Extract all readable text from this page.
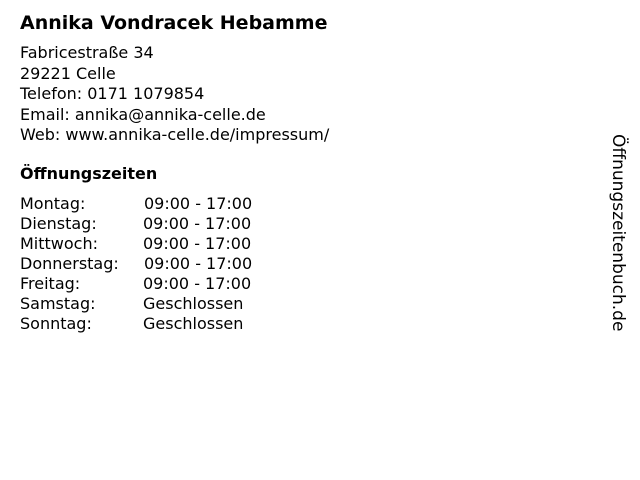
Annika Vondracek Hebamme
Fabricestraße 34
29221 Celle
Telefon: 0171 1079854
Email: annika@annika-celle.de
Web: www.annika-celle.de/impressum/
Öffnungszeiten
Montag:	09:00 - 17:00
Dienstag:	09:00 - 17:00
Mittwoch:	09:00 - 17:00
Donnerstag: 09:00 - 17:00
Freitag:	09:00 - 17:00
Samstag:	Geschlossen
Sonntag:	Geschlossen	Öffnungszeitenbuch.de
